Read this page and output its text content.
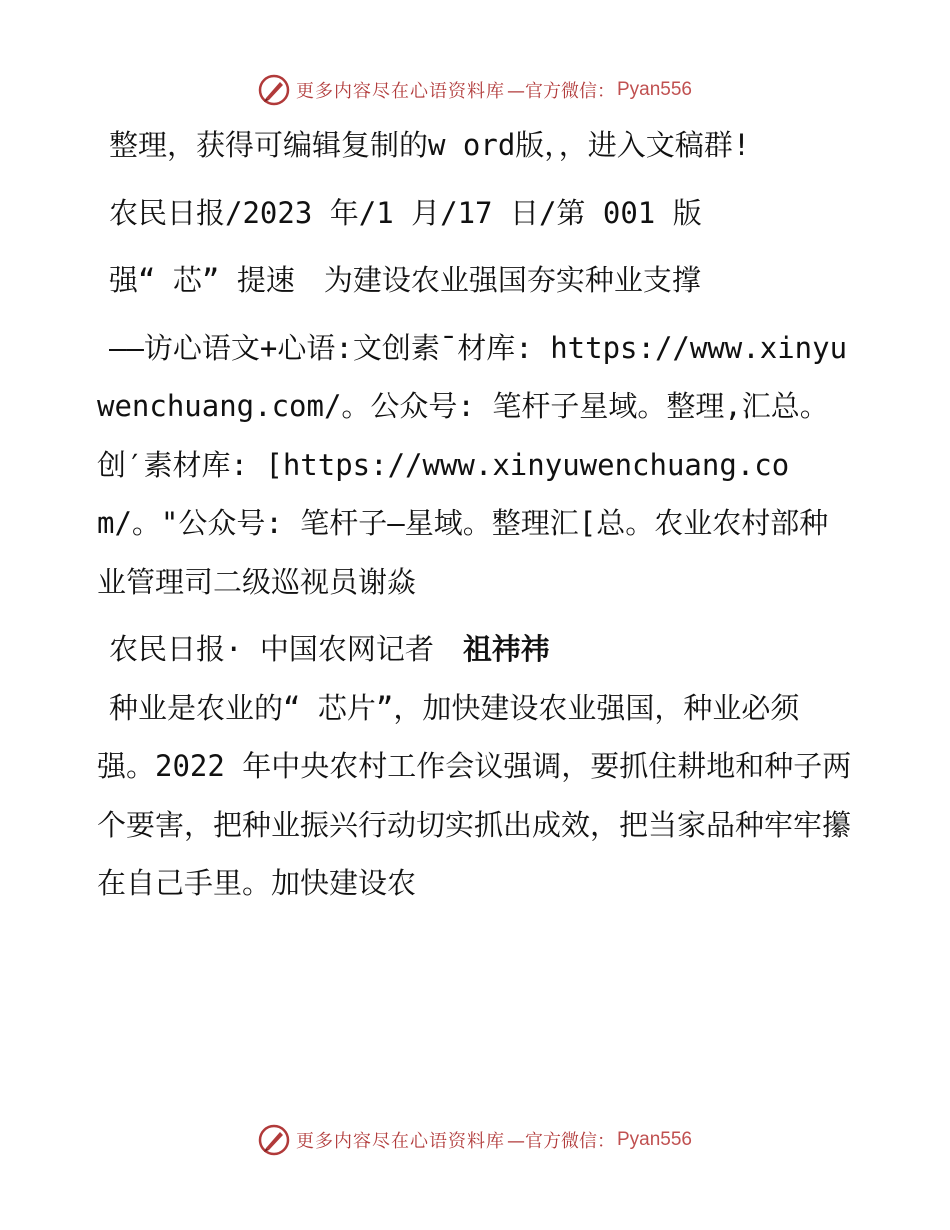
更多内容尽在心语资料库 —官方微信： Pyan556

整理，获得可编辑复制的w ord版，，进入文稿群!

农民日报/2023 年/1 月/17 日/第 001 版

强“ 芯” 提速　为建设农业强国夯实种业支撑

——访心语文+心语:文创素¯材库: https://www.xinyuwenchuang.com/。公众号: 笔杆子星域。整理,汇总。创′素材库: [https://www.xinyuwenchuang.com/。"公众号: 笔杆子—星域。整理汇[总。农业农村部种业管理司二级巡视员谢焱

农民日报· 中国农网记者　祖祎祎

种业是农业的“ 芯片”，加快建设农业强国，种业必须强。2022 年中央农村工作会议强调，要抓住耕地和种子两个要害，把种业振兴行动切实抓出成效，把当家品种牢牢攥在自己手里。加快建设农

更多内容尽在心语资料库 —官方微信： Pyan556
